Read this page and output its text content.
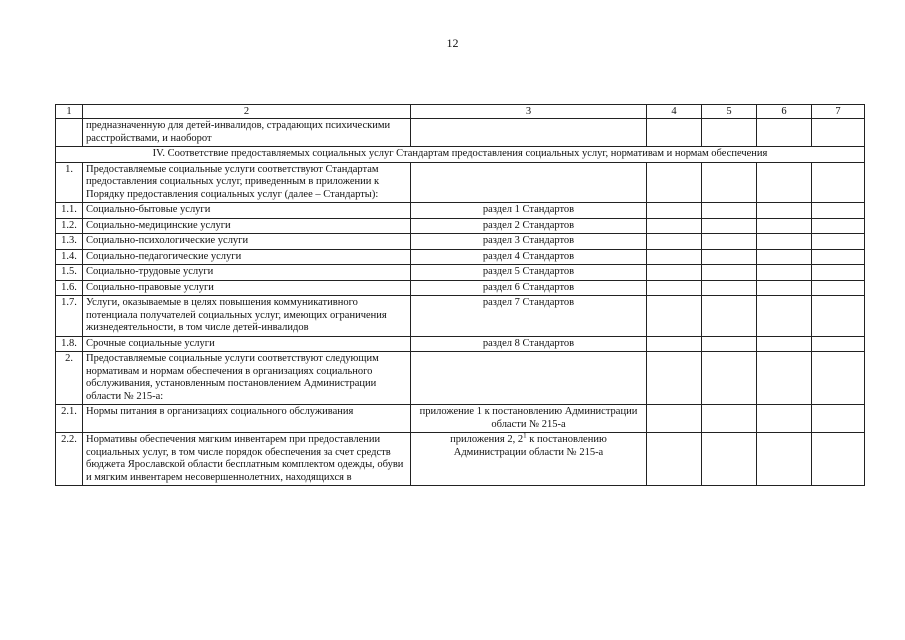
12
1	2	3	4	5	6	7
	предназначенную для детей-инвалидов, страдающих психическими расстройствами, и наоборот					
IV. Соответствие предоставляемых социальных услуг Стандартам предоставления социальных услуг, нормативам и нормам обеспечения						
1.	Предоставляемые социальные услуги соответствуют Стандартам предоставления социальных услуг, приведенным в приложении к Порядку предоставления социальных услуг (далее – Стандарты):					
1.1.	Социально-бытовые услуги	раздел 1 Стандартов				
1.2.	Социально-медицинские услуги	раздел 2 Стандартов				
1.3.	Социально-психологические услуги	раздел 3 Стандартов				
1.4.	Социально-педагогические услуги	раздел 4 Стандартов				
1.5.	Социально-трудовые услуги	раздел 5 Стандартов				
1.6.	Социально-правовые услуги	раздел 6 Стандартов				
1.7.	Услуги, оказываемые в целях повышения коммуникативного потенциала получателей социальных услуг, имеющих ограничения жизнедеятельности, в том числе детей-инвалидов	раздел 7 Стандартов				
1.8.	Срочные социальные услуги	раздел 8 Стандартов				
2.	Предоставляемые социальные услуги соответствуют следующим нормативам и нормам обеспечения в организациях социального обслуживания, установленным постановлением Администрации области № 215-а:					
2.1.	Нормы питания в организациях социального обслуживания	приложение 1 к постановлению Администрации области № 215-а				
2.2.	Нормативы обеспечения мягким инвентарем при предоставлении социальных услуг, в том числе порядок обеспечения за счет средств бюджета Ярославской области бесплатным комплектом одежды, обуви и мягким инвентарем несовершеннолетних, находящихся в	приложения 2, $2^1$ к постановлению Администрации области № 215-а				
